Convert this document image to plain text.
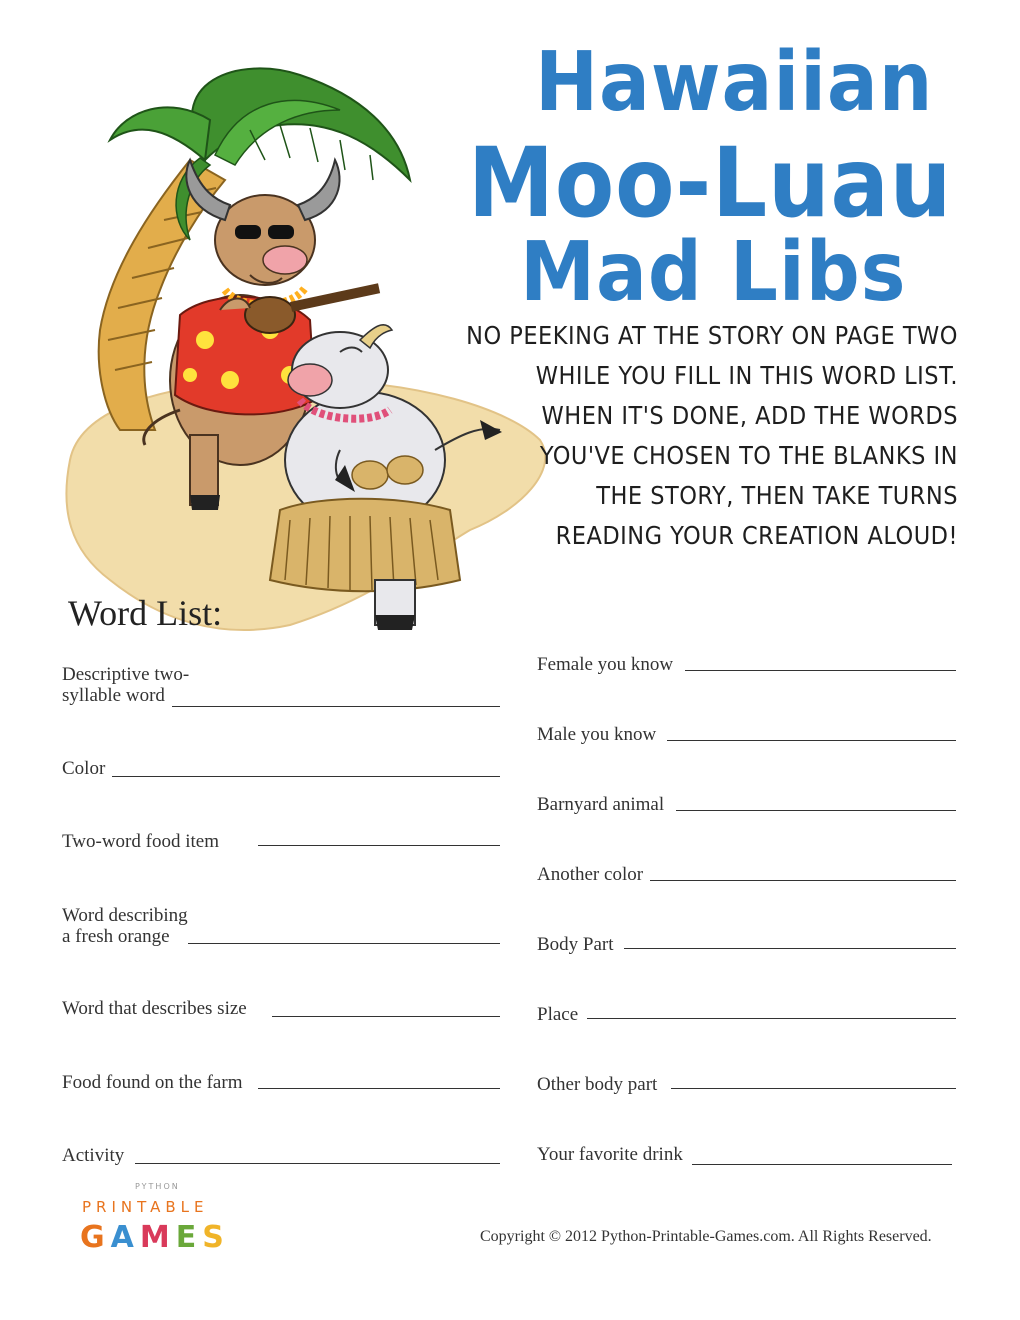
Hawaiian
Moo-Luau
Mad Libs
NO PEEKING AT THE STORY ON PAGE TWO
WHILE YOU FILL IN THIS WORD LIST.
WHEN IT'S DONE, ADD THE WORDS
YOU'VE CHOSEN TO THE BLANKS IN
THE STORY, THEN TAKE TURNS
READING YOUR CREATION ALOUD!
Word List:
Descriptive two-
syllable word
Color
Two-word food item
Word describing
a fresh orange
Word that describes size
Food found on the farm
Activity
Female you know
Male you know
Barnyard animal
Another color
Body Part
Place
Other body part
Your favorite drink
PYTHON
PRINTABLE
GAMES	Copyright © 2012 Python-Printable-Games.com. All Rights Reserved.
